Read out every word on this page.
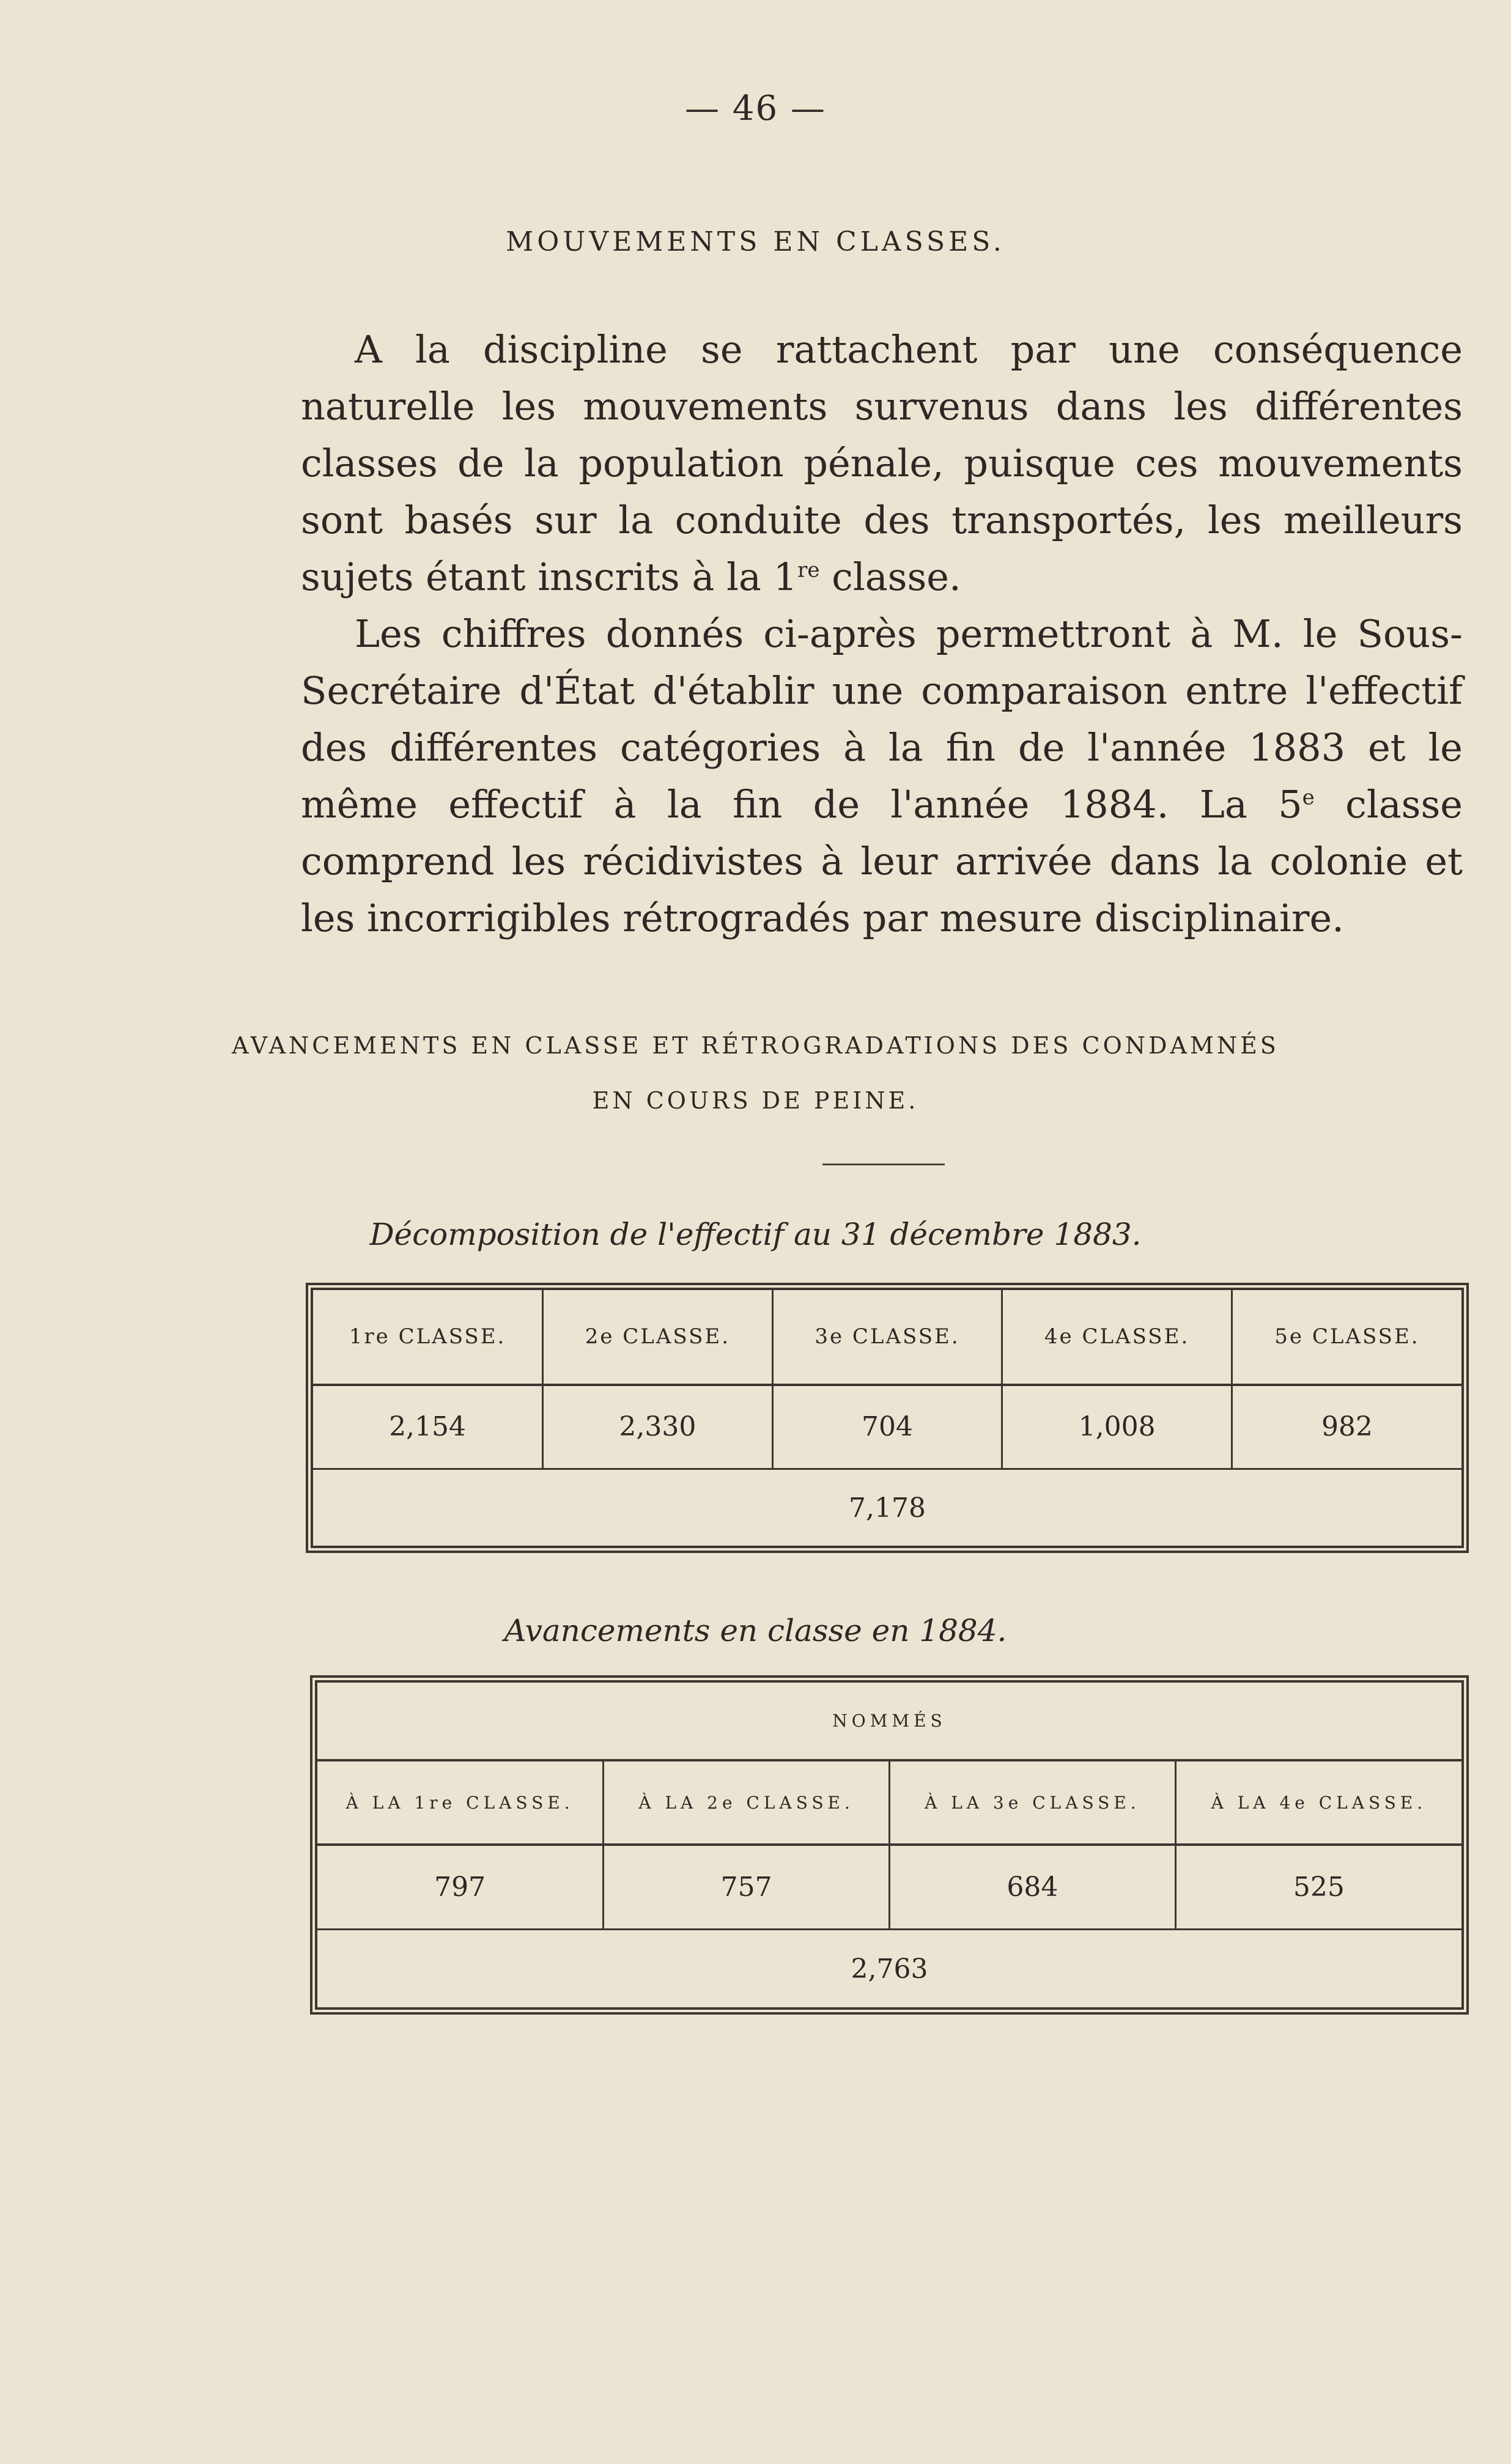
— 46 —
MOUVEMENTS EN CLASSES.

A la discipline se rattachent par une conséquence naturelle les mouvements survenus dans les différentes classes de la population pénale, puisque ces mouvements sont basés sur la conduite des transportés, les meilleurs sujets étant inscrits à la 1re classe.

Les chiffres donnés ci-après permettront à M. le Sous-Secrétaire d'État d'établir une comparaison entre l'effectif des différentes catégories à la fin de l'année 1883 et le même effectif à la fin de l'année 1884. La 5e classe comprend les récidivistes à leur arrivée dans la colonie et les incorrigibles rétrogradés par mesure disciplinaire.

AVANCEMENTS EN CLASSE ET RÉTROGRADATIONS DES CONDAMNÉS
EN COURS DE PEINE.
Décomposition de l'effectif au 31 décembre 1883.
1re CLASSE.	2e CLASSE.	3e CLASSE.	4e CLASSE.	5e CLASSE.
2,154	2,330	704	1,008	982
7,178				
Avancements en classe en 1884.
NOMMÉS			
À LA 1re CLASSE.	À LA 2e CLASSE.	À LA 3e CLASSE.	À LA 4e CLASSE.
797	757	684	525
2,763			
